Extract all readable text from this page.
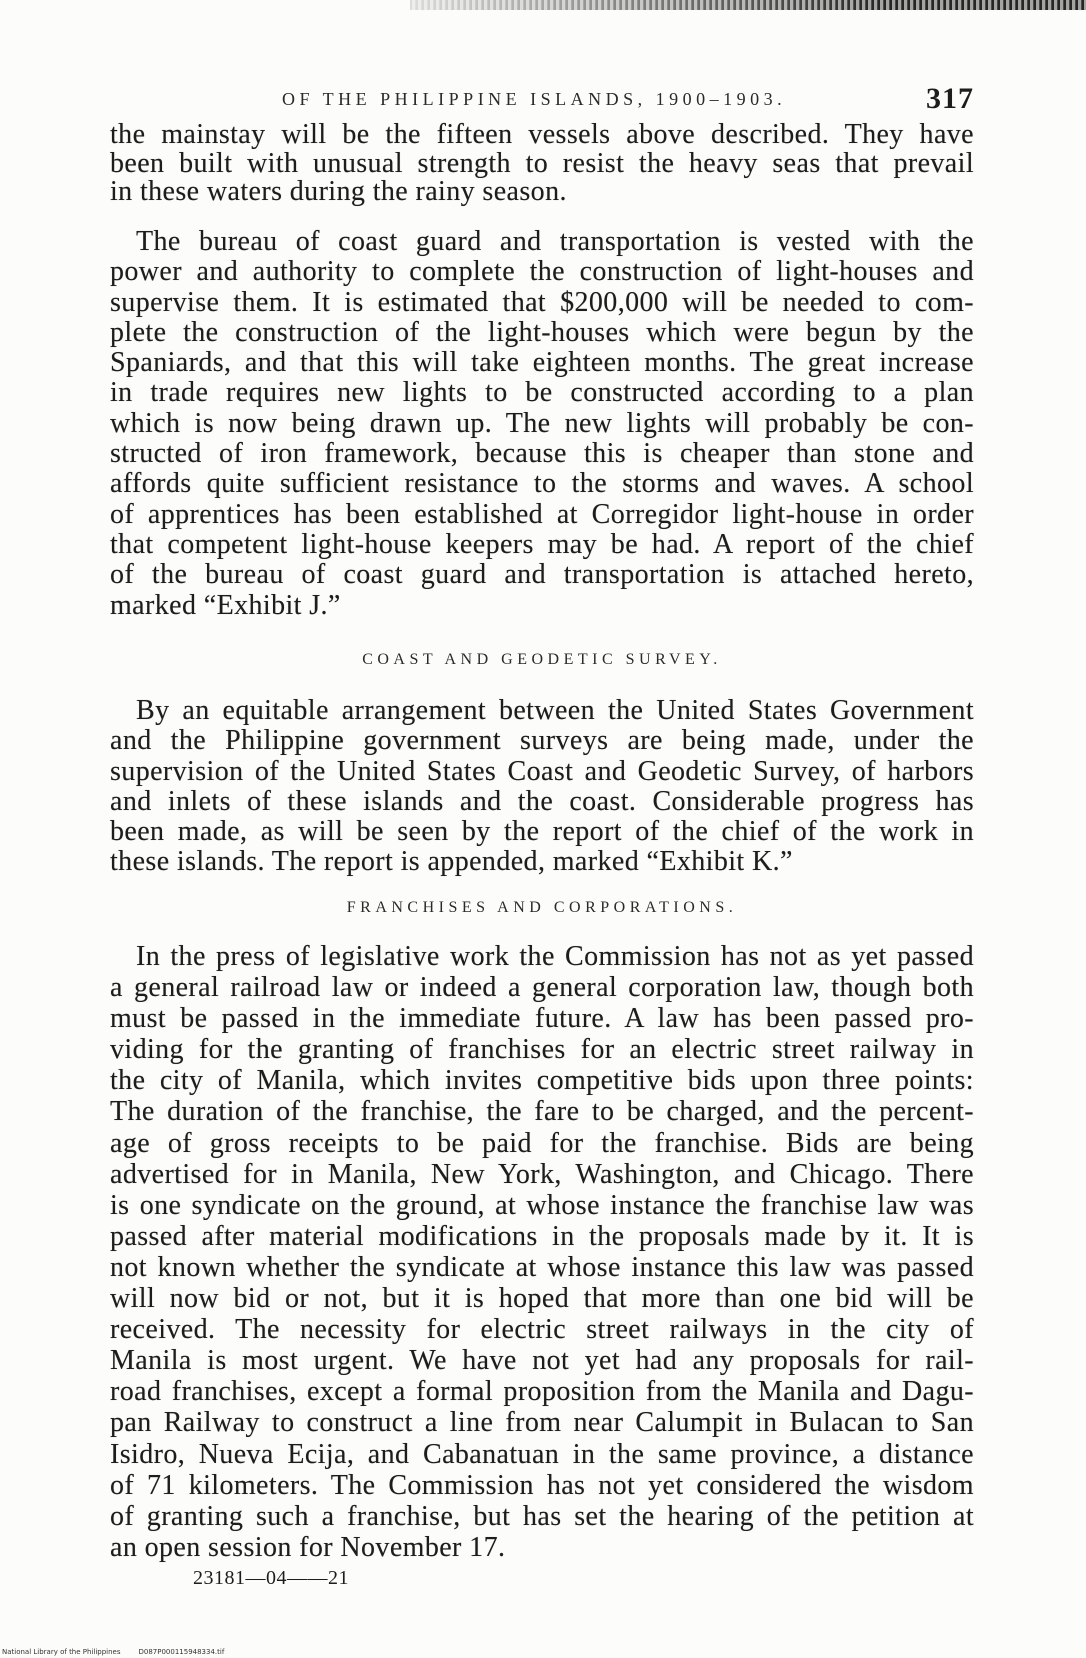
OF THE PHILIPPINE ISLANDS, 1900–1903.	317
the mainstay will be the fifteen vessels above described. They have
been built with unusual strength to resist the heavy seas that prevail
in these waters during the rainy season.
The bureau of coast guard and transportation is vested with the
power and authority to complete the construction of light-houses and
supervise them. It is estimated that $200,000 will be needed to com-
plete the construction of the light-houses which were begun by the
Spaniards, and that this will take eighteen months. The great increase
in trade requires new lights to be constructed according to a plan
which is now being drawn up. The new lights will probably be con-
structed of iron framework, because this is cheaper than stone and
affords quite sufficient resistance to the storms and waves. A school
of apprentices has been established at Corregidor light-house in order
that competent light-house keepers may be had. A report of the chief
of the bureau of coast guard and transportation is attached hereto,
marked “Exhibit J.”
COAST AND GEODETIC SURVEY.
By an equitable arrangement between the United States Government
and the Philippine government surveys are being made, under the
supervision of the United States Coast and Geodetic Survey, of harbors
and inlets of these islands and the coast. Considerable progress has
been made, as will be seen by the report of the chief of the work in
these islands. The report is appended, marked “Exhibit K.”
FRANCHISES AND CORPORATIONS.
In the press of legislative work the Commission has not as yet passed
a general railroad law or indeed a general corporation law, though both
must be passed in the immediate future. A law has been passed pro-
viding for the granting of franchises for an electric street railway in
the city of Manila, which invites competitive bids upon three points:
The duration of the franchise, the fare to be charged, and the percent-
age of gross receipts to be paid for the franchise. Bids are being
advertised for in Manila, New York, Washington, and Chicago. There
is one syndicate on the ground, at whose instance the franchise law was
passed after material modifications in the proposals made by it. It is
not known whether the syndicate at whose instance this law was passed
will now bid or not, but it is hoped that more than one bid will be
received. The necessity for electric street railways in the city of
Manila is most urgent. We have not yet had any proposals for rail-
road franchises, except a formal proposition from the Manila and Dagu-
pan Railway to construct a line from near Calumpit in Bulacan to San
Isidro, Nueva Ecija, and Cabanatuan in the same province, a distance
of 71 kilometers. The Commission has not yet considered the wisdom
of granting such a franchise, but has set the hearing of the petition at
an open session for November 17.
23181—04——21
National Library of the Philippines	D087P000115948334.tif
